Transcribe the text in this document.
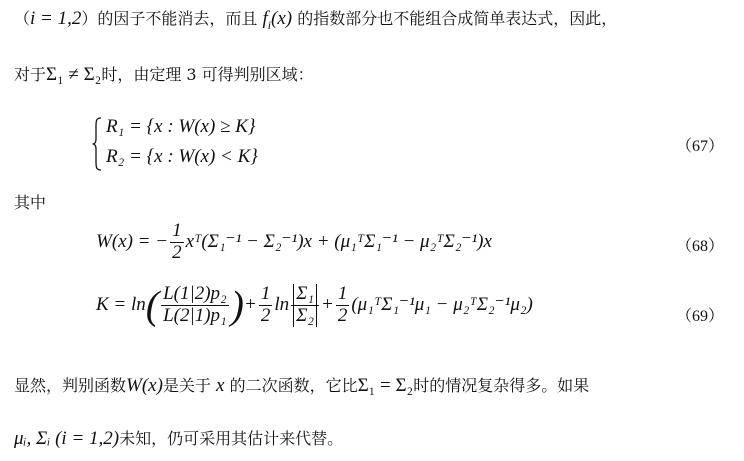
（i = 1,2）的因子不能消去，而且 $f_i(x)$ 的指数部分也不能组合成简单表达式，因此，
对于Σ₁ ≠ Σ₂时，由定理 3 可得判别区域：
R₁ = {x : W(x) ≥ K}
R₂ = {x : W(x) < K}	（67）
其中
W(x) = − $\frac{1}{2}$ xᵀ(Σ₁⁻¹ − Σ₂⁻¹)x + (μ₁ᵀΣ₁⁻¹ − μ₂ᵀΣ₂⁻¹)x	（68）
$K = \ln( \frac{\text{L(1|2)p₂}}{\text{L(2|1)p₁}}$ )+ $\frac{1}{2}$ $\ln \frac{\text{Σ₁}}{\text{Σ₂}} + \frac{1}{2}$ (μ₁ᵀΣ₁⁻¹μ₁ − μ₂ᵀΣ₂⁻¹μ₂)
（69）
显然，判别函数W(x)是关于 x 的二次函数，它比Σ₁ = Σ₂时的情况复杂得多。如果
μᵢ, Σᵢ (i = 1,2)未知，仍可采用其估计来代替。
